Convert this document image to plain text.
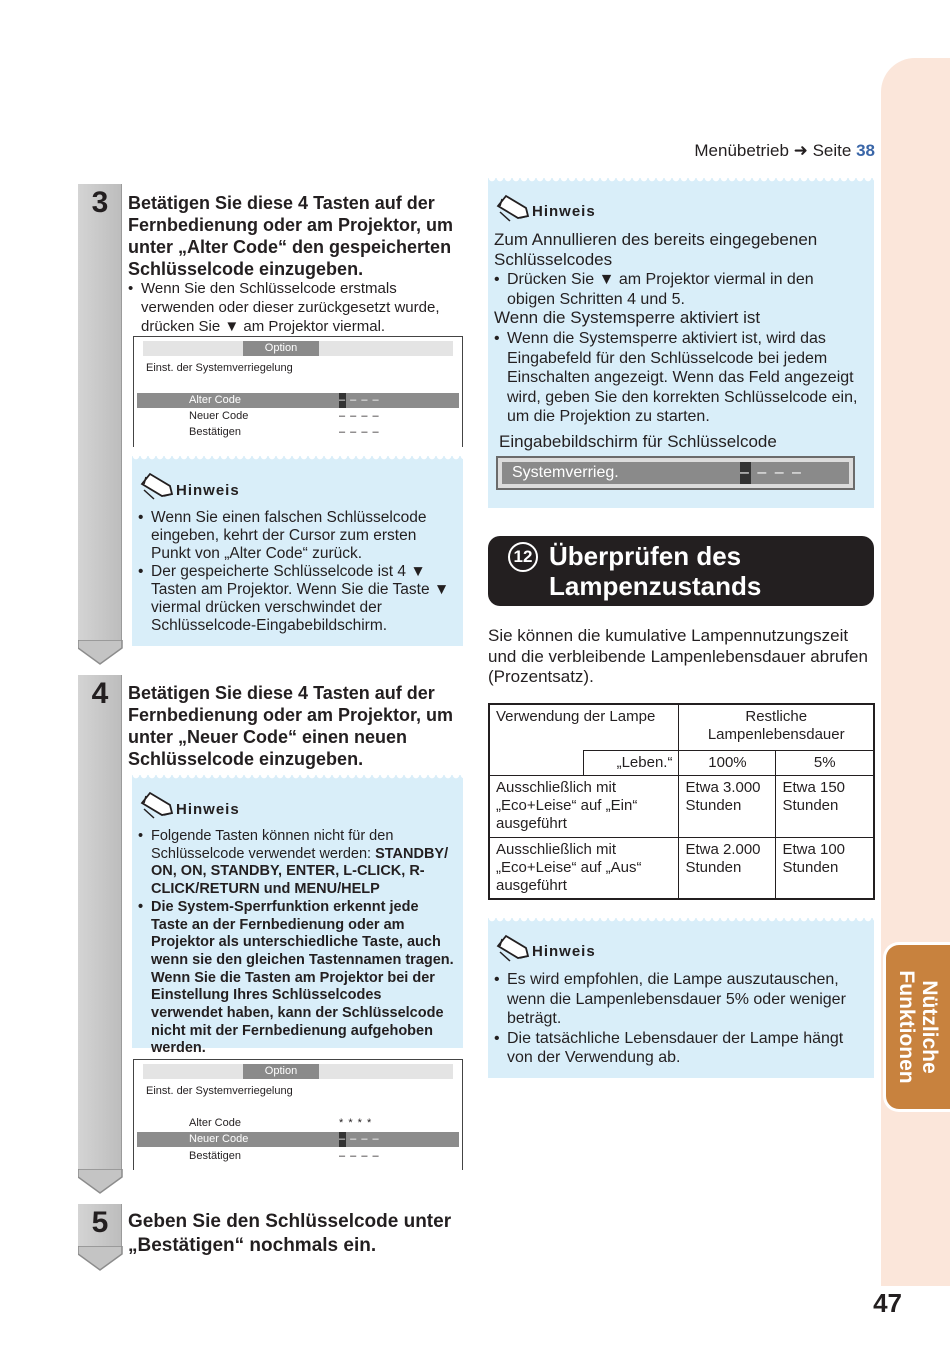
Nützliche
Funktionen
Menübetrieb ➜ Seite 38
3	Betätigen Sie diese 4 Tasten auf der Fernbedienung oder am Projektor, um unter „Alter Code“ den gespeicherten Schlüsselcode einzugeben.
• Wenn Sie den Schlüsselcode erstmals verwenden oder dieser zurückgesetzt wurde, drücken Sie ▼ am Projektor viermal.
Option
Einst. der Systemverriegelung
Alter Code	– – – –
Neuer Code	– – – –
Bestätigen	– – – –
Hinweis
• Wenn Sie einen falschen Schlüsselcode eingeben, kehrt der Cursor zum ersten Punkt von „Alter Code“ zurück.
• Der gespeicherte Schlüsselcode ist 4 ▼ Tasten am Projektor. Wenn Sie die Taste ▼ viermal drücken verschwindet der Schlüsselcode-Eingabebildschirm.
4	Betätigen Sie diese 4 Tasten auf der Fernbedienung oder am Projektor, um unter „Neuer Code“ einen neuen Schlüsselcode einzugeben.
Hinweis
• Folgende Tasten können nicht für den Schlüsselcode verwendet werden: STANDBY/ ON, ON, STANDBY, ENTER, L-CLICK, R-CLICK/RETURN und MENU/HELP
• Die System-Sperrfunktion erkennt jede Taste an der Fernbedienung oder am Projektor als unterschiedliche Taste, auch wenn sie den gleichen Tastennamen tragen. Wenn Sie die Tasten am Projektor bei der Einstellung Ihres Schlüsselcodes verwendet haben, kann der Schlüsselcode nicht mit der Fernbedienung aufgehoben werden.
Option
Einst. der Systemverriegelung
Alter Code	* * * *
Neuer Code	– – – –
Bestätigen	– – – –
5	Geben Sie den Schlüsselcode unter „Bestätigen“ nochmals ein.
Hinweis
Zum Annullieren des bereits eingegebenen Schlüsselcodes
• Drücken Sie ▼ am Projektor viermal in den obigen Schritten 4 und 5.
Wenn die Systemsperre aktiviert ist
• Wenn die Systemsperre aktiviert ist, wird das Eingabefeld für den Schlüsselcode bei jedem Einschalten angezeigt. Wenn das Feld angezeigt wird, geben Sie den korrekten Schlüsselcode ein, um die Projektion zu starten.
Eingabebildschirm für Schlüsselcode
Systemverrieg.	– – – –
12 Überprüfen des
Lampenzustands
Sie können die kumulative Lampennutzungszeit und die verbleibende Lampenlebensdauer abrufen (Prozentsatz).
Verwendung der Lampe		Restliche Lampenlebensdauer	
	„Leben.“	100%	5%
Ausschließlich mit „Eco+Leise“ auf „Ein“ ausgeführt		Etwa 3.000 Stunden	Etwa 150 Stunden
Ausschließlich mit „Eco+Leise“ auf „Aus“ ausgeführt		Etwa 2.000 Stunden	Etwa 100 Stunden
Hinweis
• Es wird empfohlen, die Lampe auszutauschen, wenn die Lampenlebensdauer 5% oder weniger beträgt.
• Die tatsächliche Lebensdauer der Lampe hängt von der Verwendung ab.
47
